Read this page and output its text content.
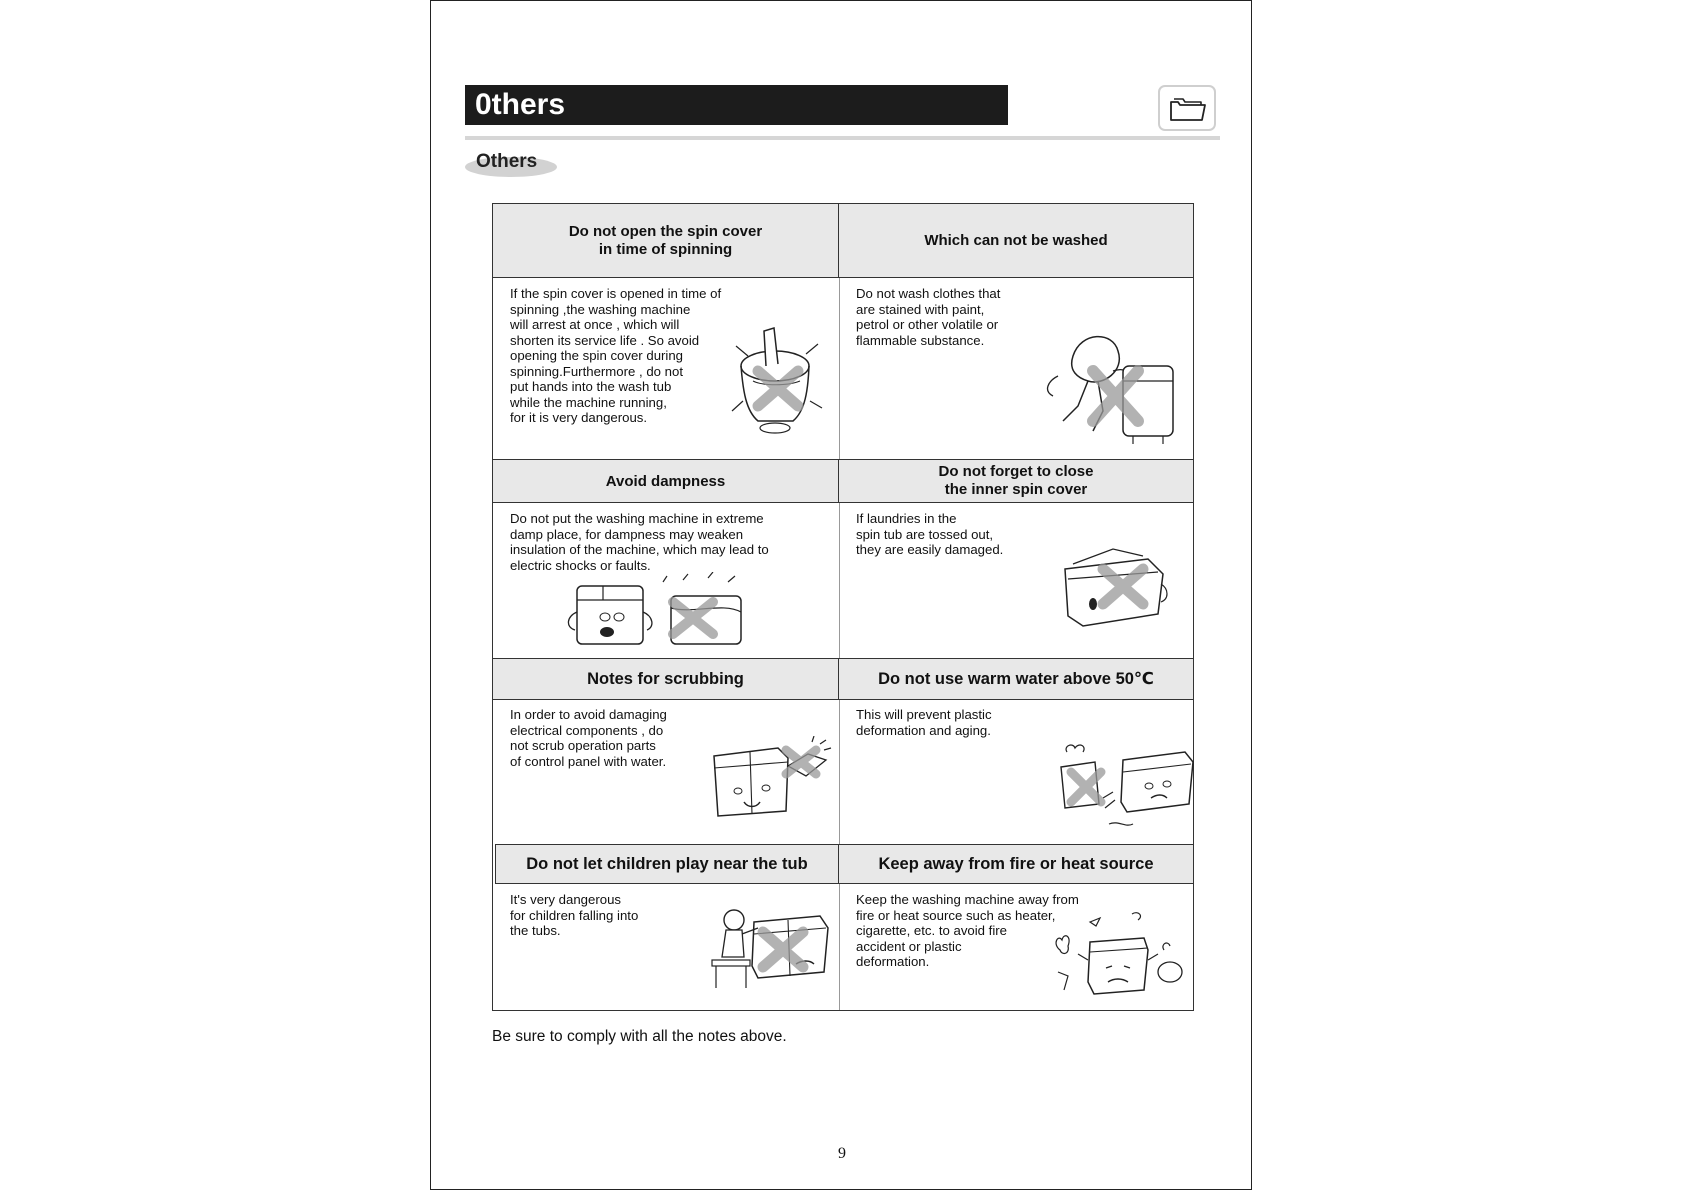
0thers
Others
Do not open the spin cover
in time of spinning
Which can not be washed
If the spin cover is opened in time of
spinning ,the washing machine
will arrest at once , which will
shorten its service life . So avoid
opening the spin cover during
spinning.Furthermore , do not
put hands into the wash tub
while the machine running,
for it is very dangerous.
Do not wash clothes that
are stained with paint,
petrol or other volatile or
flammable substance.
Avoid dampness
Do not forget to close
the inner spin cover
Do not put the washing machine in extreme
damp place, for dampness may weaken
insulation of the machine, which may lead to
electric shocks or faults.
If laundries in the
spin tub are tossed out,
they are easily damaged.
Notes for scrubbing	Do not use warm water above 50℃
In order to avoid damaging
electrical components , do
not scrub operation parts
of control panel with water.
This will prevent plastic
deformation and aging.
Do not let children play near the tub	Keep away from fire or heat source
It's very dangerous
for children falling into
the tubs.
Keep the washing machine away from
fire or heat source such as heater,
cigarette, etc. to avoid fire
accident or plastic
deformation.
Be sure to comply with all the notes above.
9
